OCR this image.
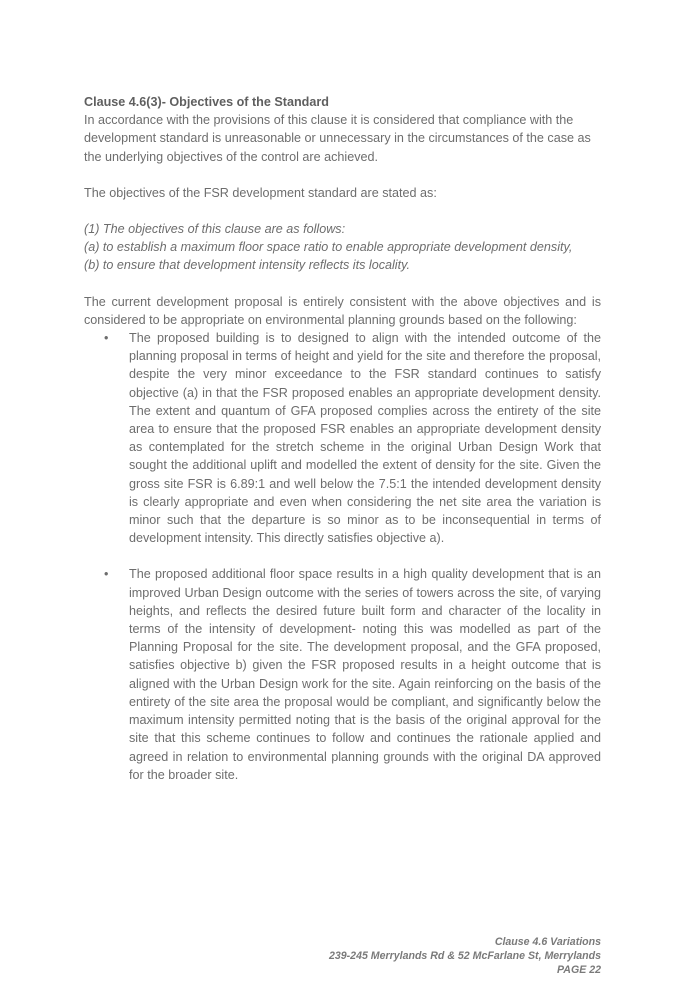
Clause 4.6(3)- Objectives of the Standard

In accordance with the provisions of this clause it is considered that compliance with the development standard is unreasonable or unnecessary in the circumstances of the case as the underlying objectives of the control are achieved.

The objectives of the FSR development standard are stated as:

(1) The objectives of this clause are as follows:

(a) to establish a maximum floor space ratio to enable appropriate development density,

(b) to ensure that development intensity reflects its locality.

The current development proposal is entirely consistent with the above objectives and is considered to be appropriate on environmental planning grounds based on the following:

• The proposed building is to designed to align with the intended outcome of the planning proposal in terms of height and yield for the site and therefore the proposal, despite the very minor exceedance to the FSR standard continues to satisfy objective (a) in that the FSR proposed enables an appropriate development density. The extent and quantum of GFA proposed complies across the entirety of the site area to ensure that the proposed FSR enables an appropriate development density as contemplated for the stretch scheme in the original Urban Design Work that sought the additional uplift and modelled the extent of density for the site. Given the gross site FSR is 6.89:1 and well below the 7.5:1 the intended development density is clearly appropriate and even when considering the net site area the variation is minor such that the departure is so minor as to be inconsequential in terms of development intensity. This directly satisfies objective a).
• The proposed additional floor space results in a high quality development that is an improved Urban Design outcome with the series of towers across the site, of varying heights, and reflects the desired future built form and character of the locality in terms of the intensity of development- noting this was modelled as part of the Planning Proposal for the site. The development proposal, and the GFA proposed, satisfies objective b) given the FSR proposed results in a height outcome that is aligned with the Urban Design work for the site. Again reinforcing on the basis of the entirety of the site area the proposal would be compliant, and significantly below the maximum intensity permitted noting that is the basis of the original approval for the site that this scheme continues to follow and continues the rationale applied and agreed in relation to environmental planning grounds with the original DA approved for the broader site.
Clause 4.6 Variations
239-245 Merrylands Rd & 52 McFarlane St, Merrylands
PAGE 22
